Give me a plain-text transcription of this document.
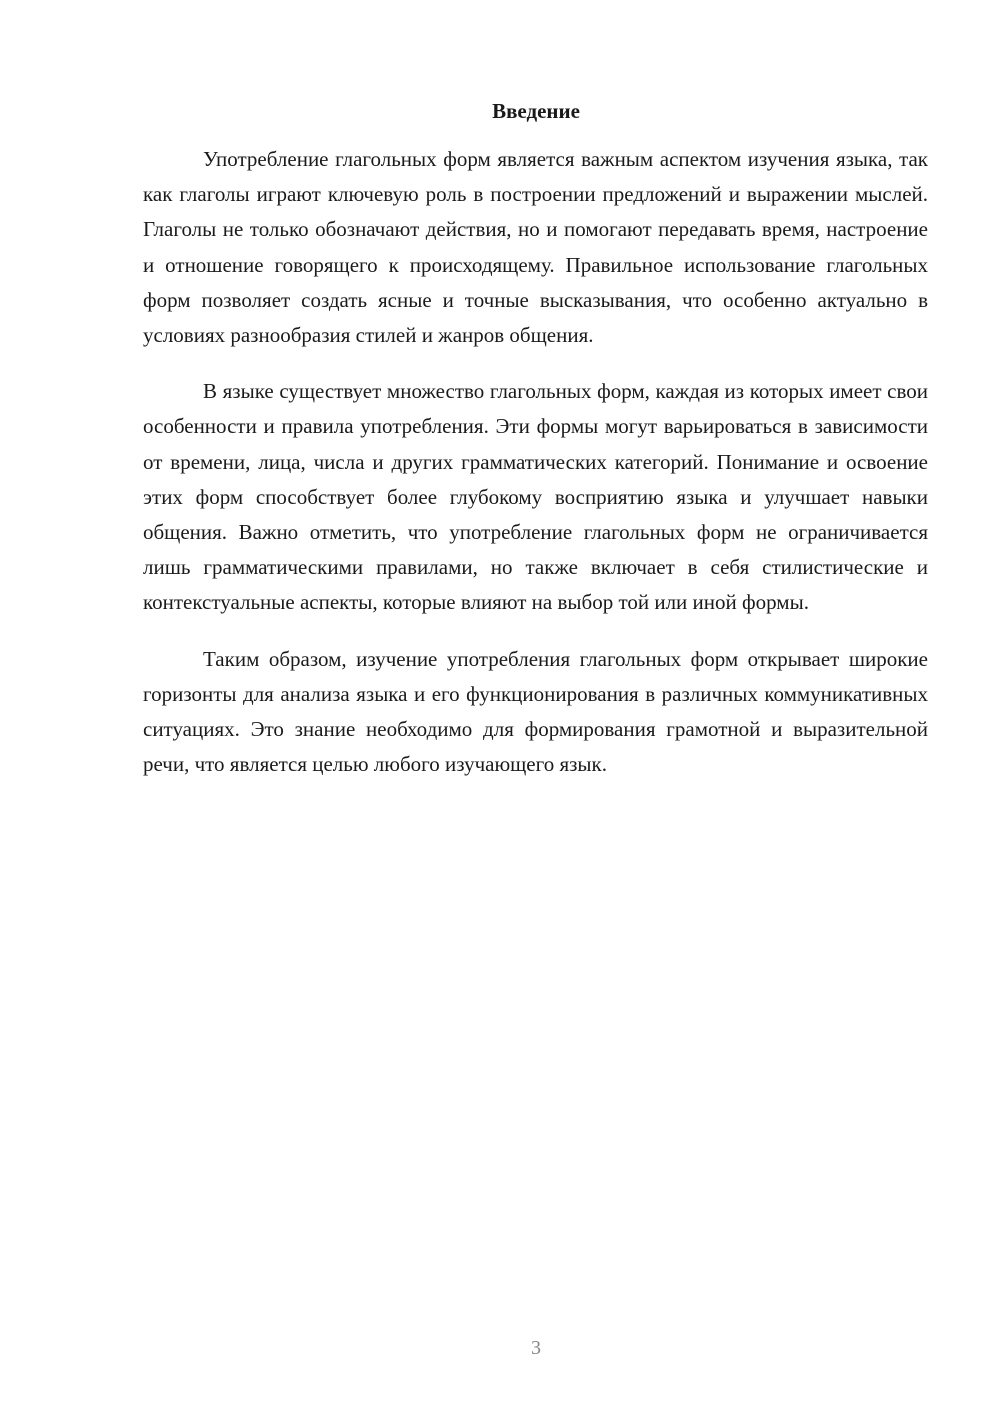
Введение

Употребление глагольных форм является важным аспектом изучения языка, так как глаголы играют ключевую роль в построении предложений и выражении мыслей. Глаголы не только обозначают действия, но и помогают передавать время, настроение и отношение говорящего к происходящему. Правильное использование глагольных форм позволяет создать ясные и точные высказывания, что особенно актуально в условиях разнообразия стилей и жанров общения.

В языке существует множество глагольных форм, каждая из которых имеет свои особенности и правила употребления. Эти формы могут варьироваться в зависимости от времени, лица, числа и других грамматических категорий. Понимание и освоение этих форм способствует более глубокому восприятию языка и улучшает навыки общения. Важно отметить, что употребление глагольных форм не ограничивается лишь грамматическими правилами, но также включает в себя стилистические и контекстуальные аспекты, которые влияют на выбор той или иной формы.

Таким образом, изучение употребления глагольных форм открывает широкие горизонты для анализа языка и его функционирования в различных коммуникативных ситуациях. Это знание необходимо для формирования грамотной и выразительной речи, что является целью любого изучающего язык.

3
